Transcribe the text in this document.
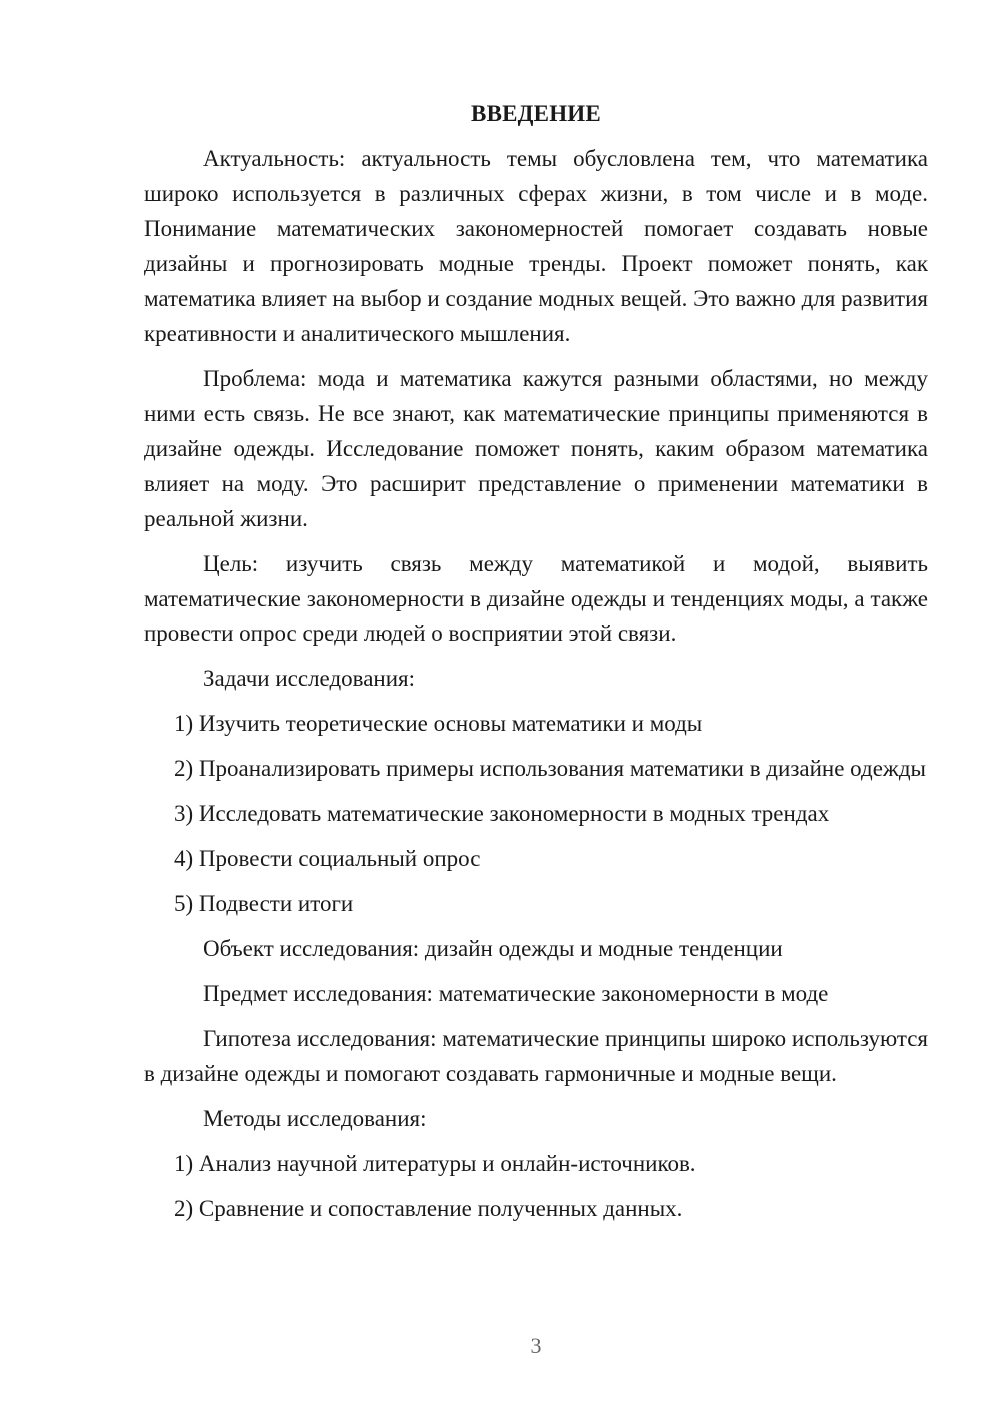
ВВЕДЕНИЕ
Актуальность: актуальность темы обусловлена тем, что математика широко используется в различных сферах жизни, в том числе и в моде. Понимание математических закономерностей помогает создавать новые дизайны и прогнозировать модные тренды. Проект поможет понять, как математика влияет на выбор и создание модных вещей. Это важно для развития креативности и аналитического мышления.
Проблема: мода и математика кажутся разными областями, но между ними есть связь. Не все знают, как математические принципы применяются в дизайне одежды. Исследование поможет понять, каким образом математика влияет на моду. Это расширит представление о применении математики в реальной жизни.
Цель: изучить связь между математикой и модой, выявить математические закономерности в дизайне одежды и тенденциях моды, а также провести опрос среди людей о восприятии этой связи.
Задачи исследования:
1) Изучить теоретические основы математики и моды
2) Проанализировать примеры использования математики в дизайне одежды
3) Исследовать математические закономерности в модных трендах
4) Провести социальный опрос
5) Подвести итоги
Объект исследования: дизайн одежды и модные тенденции
Предмет исследования: математические закономерности в моде
Гипотеза исследования: математические принципы широко используются в дизайне одежды и помогают создавать гармоничные и модные вещи.
Методы исследования:
1) Анализ научной литературы и онлайн-источников.
2) Сравнение и сопоставление полученных данных.
3
